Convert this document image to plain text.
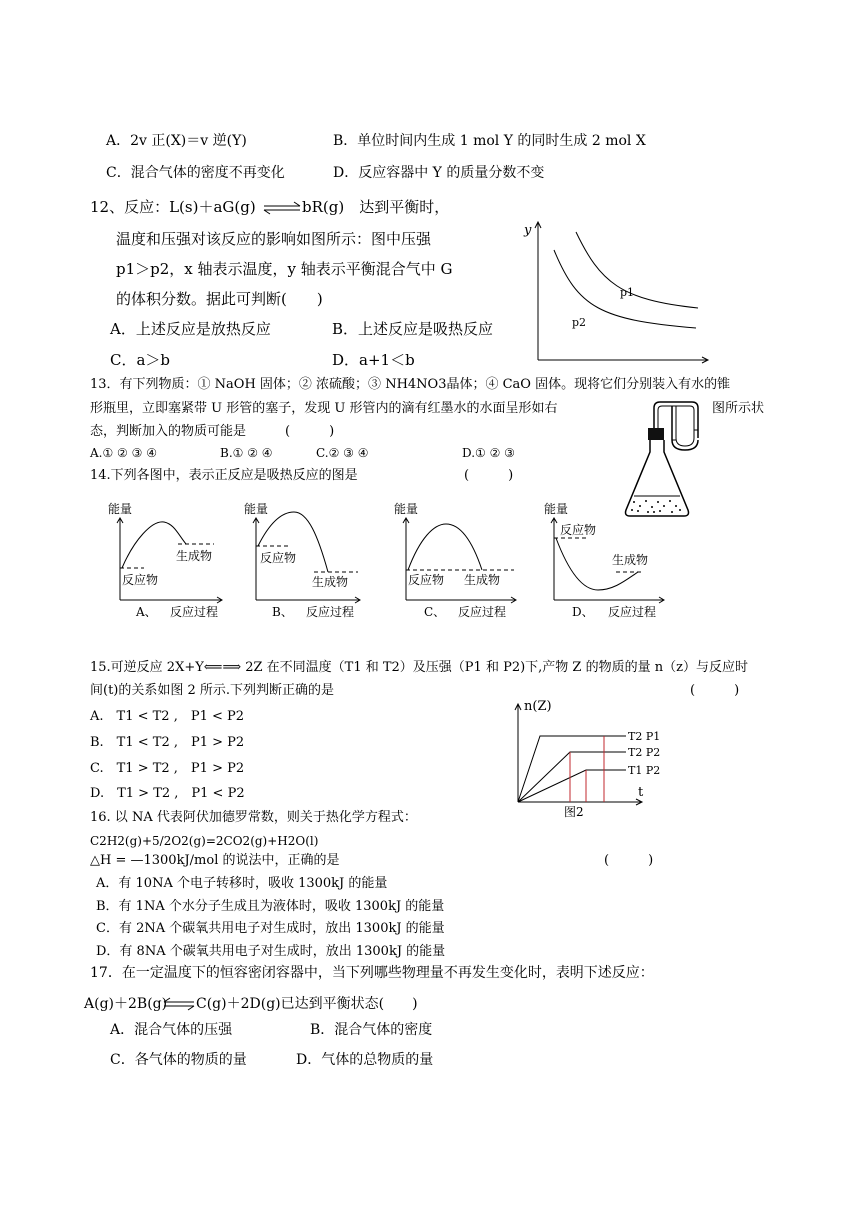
A．2v 正(X)＝v 逆(Y)	B．单位时间内生成 1 mol Y 的同时生成 2 mol X
C．混合气体的密度不再变化	D．反应容器中 Y 的质量分数不变
12、反应：L(s)＋aG(g) ⇌ bR(g)　达到平衡时，
温度和压强对该反应的影响如图所示：图中压强
p1＞p2，x 轴表示温度，y 轴表示平衡混合气中 G
的体积分数。据此可判断(　　)
A．上述反应是放热反应	B．上述反应是吸热反应
C．a＞b	D．a+1＜b
y
p1
p2
13．有下列物质：① NaOH 固体；② 浓硫酸；③ NH4NO3晶体；④ CaO 固体。现将它们分别装入有水的锥
形瓶里，立即塞紧带 U 形管的塞子，发现 U 形管内的滴有红墨水的水面呈形如右	图所示状
态，判断加入的物质可能是　　　(　　　)
A.① ② ③ ④	B.① ② ④	C.② ③ ④	D.① ② ③
14.下列各图中，表示正反应是吸热反应的图是	(　　　)
能量
生成物
反应物
A、 反应过程
能量
反应物
生成物
B、 反应过程
能量
反应物 生成物
C、 反应过程
能量
反应物
生成物
D、 反应过程
15.可逆反应 2X+Y⟸⟹ 2Z 在不同温度（T1 和 T2）及压强（P1 和 P2)下,产物 Z 的物质的量 n（z）与反应时
间(t)的关系如图 2 所示.下列判断正确的是	(　　　)
A.　T1 < T2 ,　P1 < P2
B.　T1 < T2 ,　P1 > P2
C.　T1 > T2 ,　P1 > P2
D.　T1 > T2 ,　P1 < P2
n(Z)
t
T2 P1
T2 P2
T1 P2
图2
16. 以 NA 代表阿伏加德罗常数，则关于热化学方程式：
C2H2(g)+5/2O2(g)=2CO2(g)+H2O(l)
△H = —1300kJ/mol 的说法中，正确的是	(　　　)
A．有 10NA 个电子转移时，吸收 1300kJ 的能量
B．有 1NA 个水分子生成且为液体时，吸收 1300kJ 的能量
C．有 2NA 个碳氧共用电子对生成时，放出 1300kJ 的能量
D．有 8NA 个碳氧共用电子对生成时，放出 1300kJ 的能量
17．在一定温度下的恒容密闭容器中，当下列哪些物理量不再发生变化时，表明下述反应：
A(g)＋2B(g) ⇌ C(g)＋2D(g)已达到平衡状态(　　)
A．混合气体的压强	B．混合气体的密度
C．各气体的物质的量	D．气体的总物质的量
